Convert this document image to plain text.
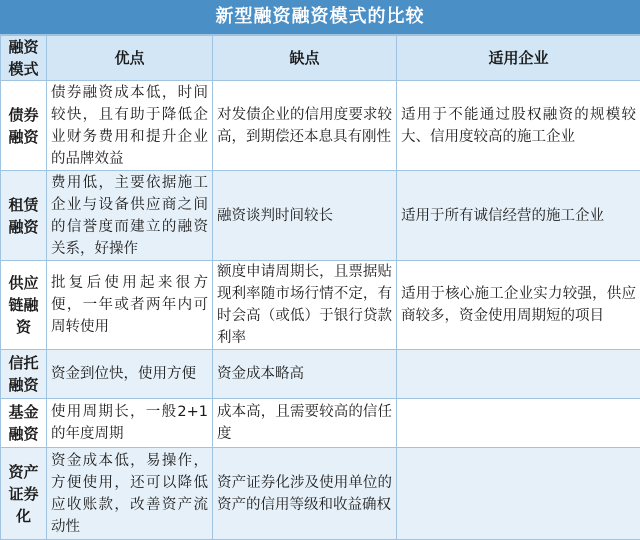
新型融资融资模式的比较
融资模式	优点	缺点	适用企业
债券融资	债券融资成本低，时间较快，且有助于降低企业财务费用和提升企业的品牌效益	对发债企业的信用度要求较高，到期偿还本息具有刚性	适用于不能通过股权融资的规模较大、信用度较高的施工企业
租赁融资	费用低，主要依据施工企业与设备供应商之间的信誉度而建立的融资关系，好操作	融资谈判时间较长	适用于所有诚信经营的施工企业
供应链融资	批复后使用起来很方便，一年或者两年内可周转使用	额度申请周期长，且票据贴现利率随市场行情不定，有时会高（或低）于银行贷款利率	适用于核心施工企业实力较强，供应商较多，资金使用周期短的项目
信托融资	资金到位快，使用方便	资金成本略高	
基金融资	使用周期长，一般2+1 的年度周期	成本高，且需要较高的信任度	
资产证券化	资金成本低，易操作，方便使用，还可以降低应收账款，改善资产流动性	资产证券化涉及使用单位的资产的信用等级和收益确权	
